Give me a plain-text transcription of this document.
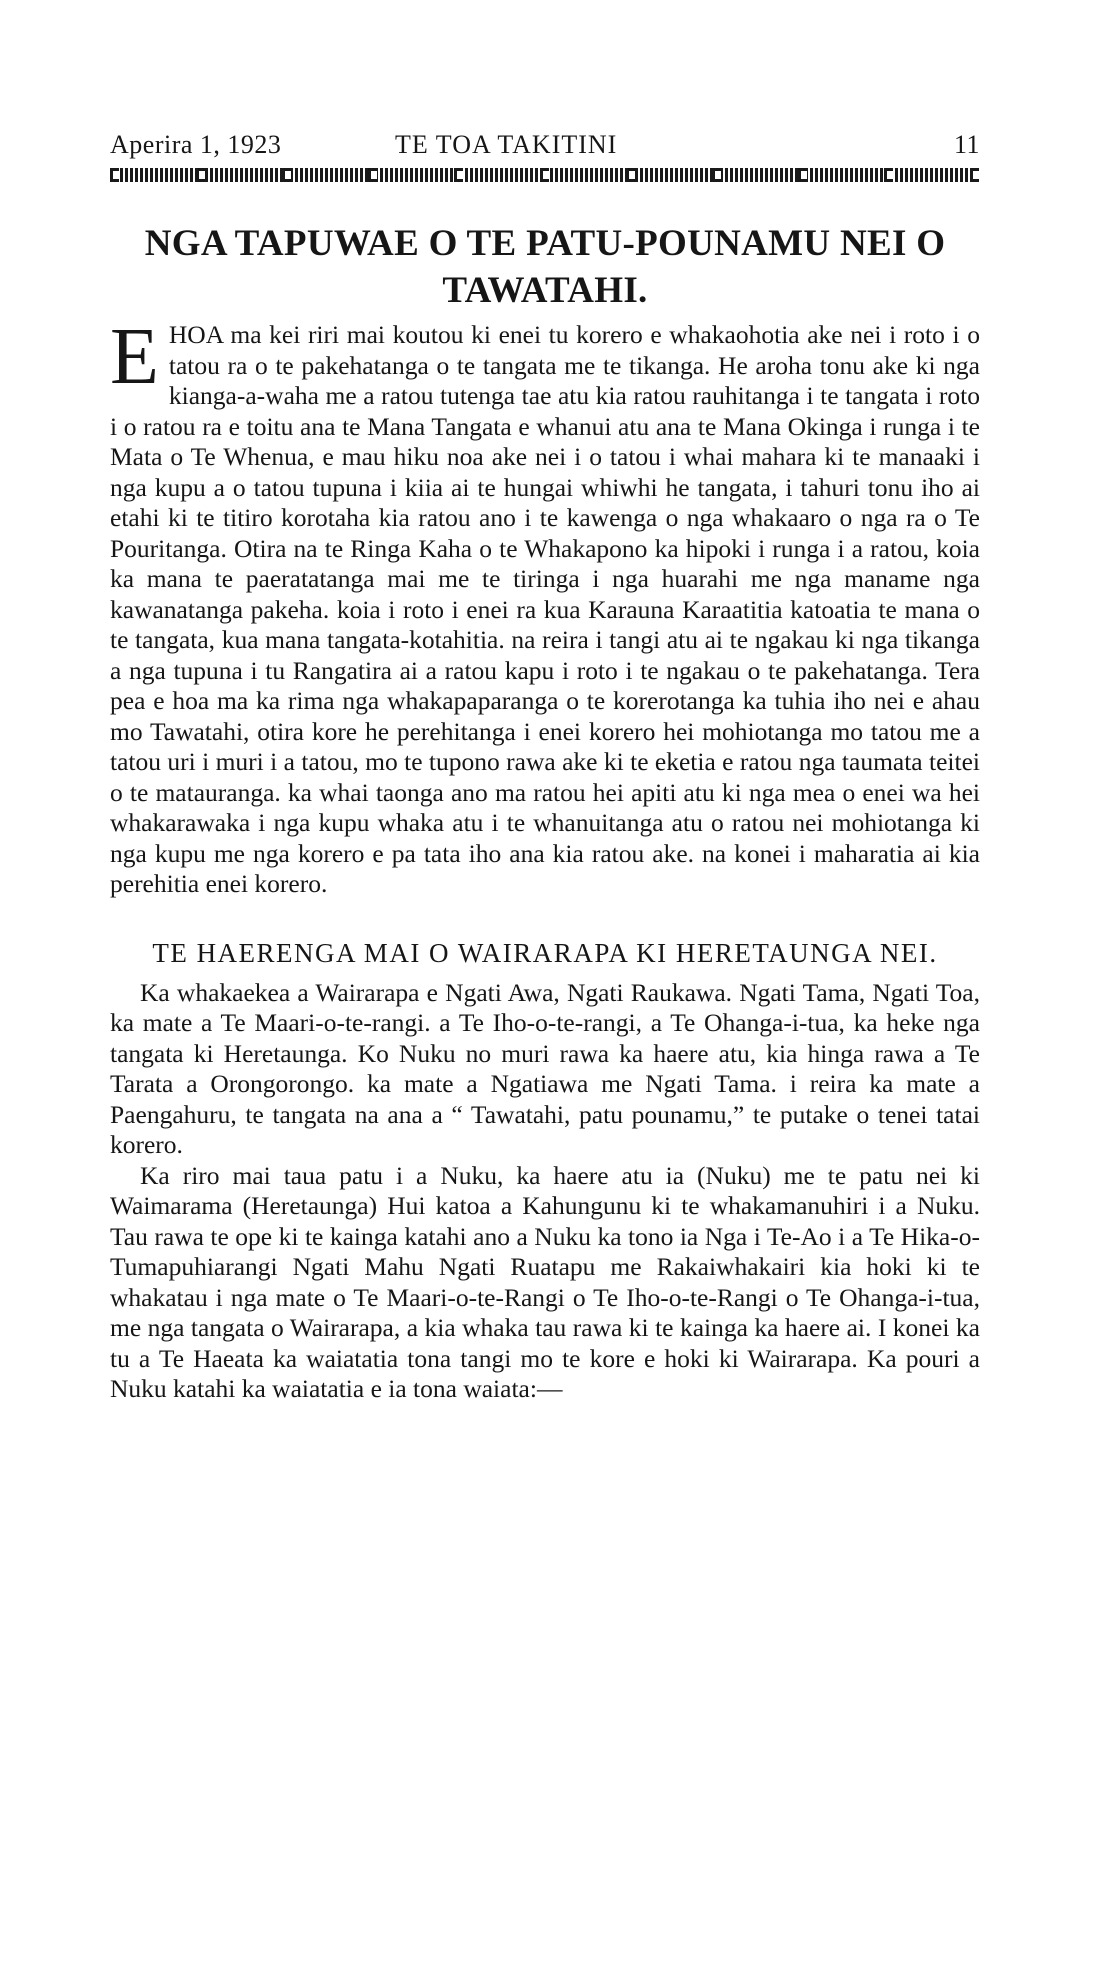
Aperira 1, 1923	TE TOA TAKITINI	11
NGA TAPUWAE O TE PATU-POUNAMU NEI O TAWATAHI.

EHOA ma kei riri mai koutou ki enei tu korero e whakaohotia ake nei i roto i o tatou ra o te pakehatanga o te tangata me te tikanga. He aroha tonu ake ki nga kianga-a-waha me a ratou tutenga tae atu kia ratou rauhitanga i te tangata i roto i o ratou ra e toitu ana te Mana Tangata e whanui atu ana te Mana Okinga i runga i te Mata o Te Whenua, e mau hiku noa ake nei i o tatou i whai mahara ki te manaaki i nga kupu a o tatou tupuna i kiia ai te hungai whiwhi he tangata, i tahuri tonu iho ai etahi ki te titiro korotaha kia ratou ano i te kawenga o nga whakaaro o nga ra o Te Pouritanga. Otira na te Ringa Kaha o te Whakapono ka hipoki i runga i a ratou, koia ka mana te paeratatanga mai me te tiringa i nga huarahi me nga maname nga kawanatanga pakeha. koia i roto i enei ra kua Karauna Karaatitia katoatia te mana o te tangata, kua mana tangata-kotahitia. na reira i tangi atu ai te ngakau ki nga tikanga a nga tupuna i tu Rangatira ai a ratou kapu i roto i te ngakau o te pakehatanga. Tera pea e hoa ma ka rima nga whakapaparanga o te korerotanga ka tuhia iho nei e ahau mo Tawatahi, otira kore he perehitanga i enei korero hei mohiotanga mo tatou me a tatou uri i muri i a tatou, mo te tupono rawa ake ki te eketia e ratou nga taumata teitei o te matauranga. ka whai taonga ano ma ratou hei apiti atu ki nga mea o enei wa hei whakarawaka i nga kupu whaka atu i te whanuitanga atu o ratou nei mohiotanga ki nga kupu me nga korero e pa tata iho ana kia ratou ake. na konei i maharatia ai kia perehitia enei korero.

TE HAERENGA MAI O WAIRARAPA KI HERETAUNGA NEI.

Ka whakaekea a Wairarapa e Ngati Awa, Ngati Raukawa. Ngati Tama, Ngati Toa, ka mate a Te Maari-o-te-rangi. a Te Iho-o-te-rangi, a Te Ohanga-i-tua, ka heke nga tangata ki Heretaunga. Ko Nuku no muri rawa ka haere atu, kia hinga rawa a Te Tarata a Orongorongo. ka mate a Ngatiawa me Ngati Tama. i reira ka mate a Paengahuru, te tangata na ana a “ Tawatahi, patu pounamu,” te putake o tenei tatai korero.

Ka riro mai taua patu i a Nuku, ka haere atu ia (Nuku) me te patu nei ki Waimarama (Heretaunga) Hui katoa a Kahungunu ki te whakamanuhiri i a Nuku. Tau rawa te ope ki te kainga katahi ano a Nuku ka tono ia Nga i Te-Ao i a Te Hika-o-Tumapuhiarangi Ngati Mahu Ngati Ruatapu me Rakaiwhakairi kia hoki ki te whakatau i nga mate o Te Maari-o-te-Rangi o Te Iho-o-te-Rangi o Te Ohanga-i-tua, me nga tangata o Wairarapa, a kia whaka tau rawa ki te kainga ka haere ai. I konei ka tu a Te Haeata ka waiatatia tona tangi mo te kore e hoki ki Wairarapa. Ka pouri a Nuku katahi ka waiatatia e ia tona waiata:—
